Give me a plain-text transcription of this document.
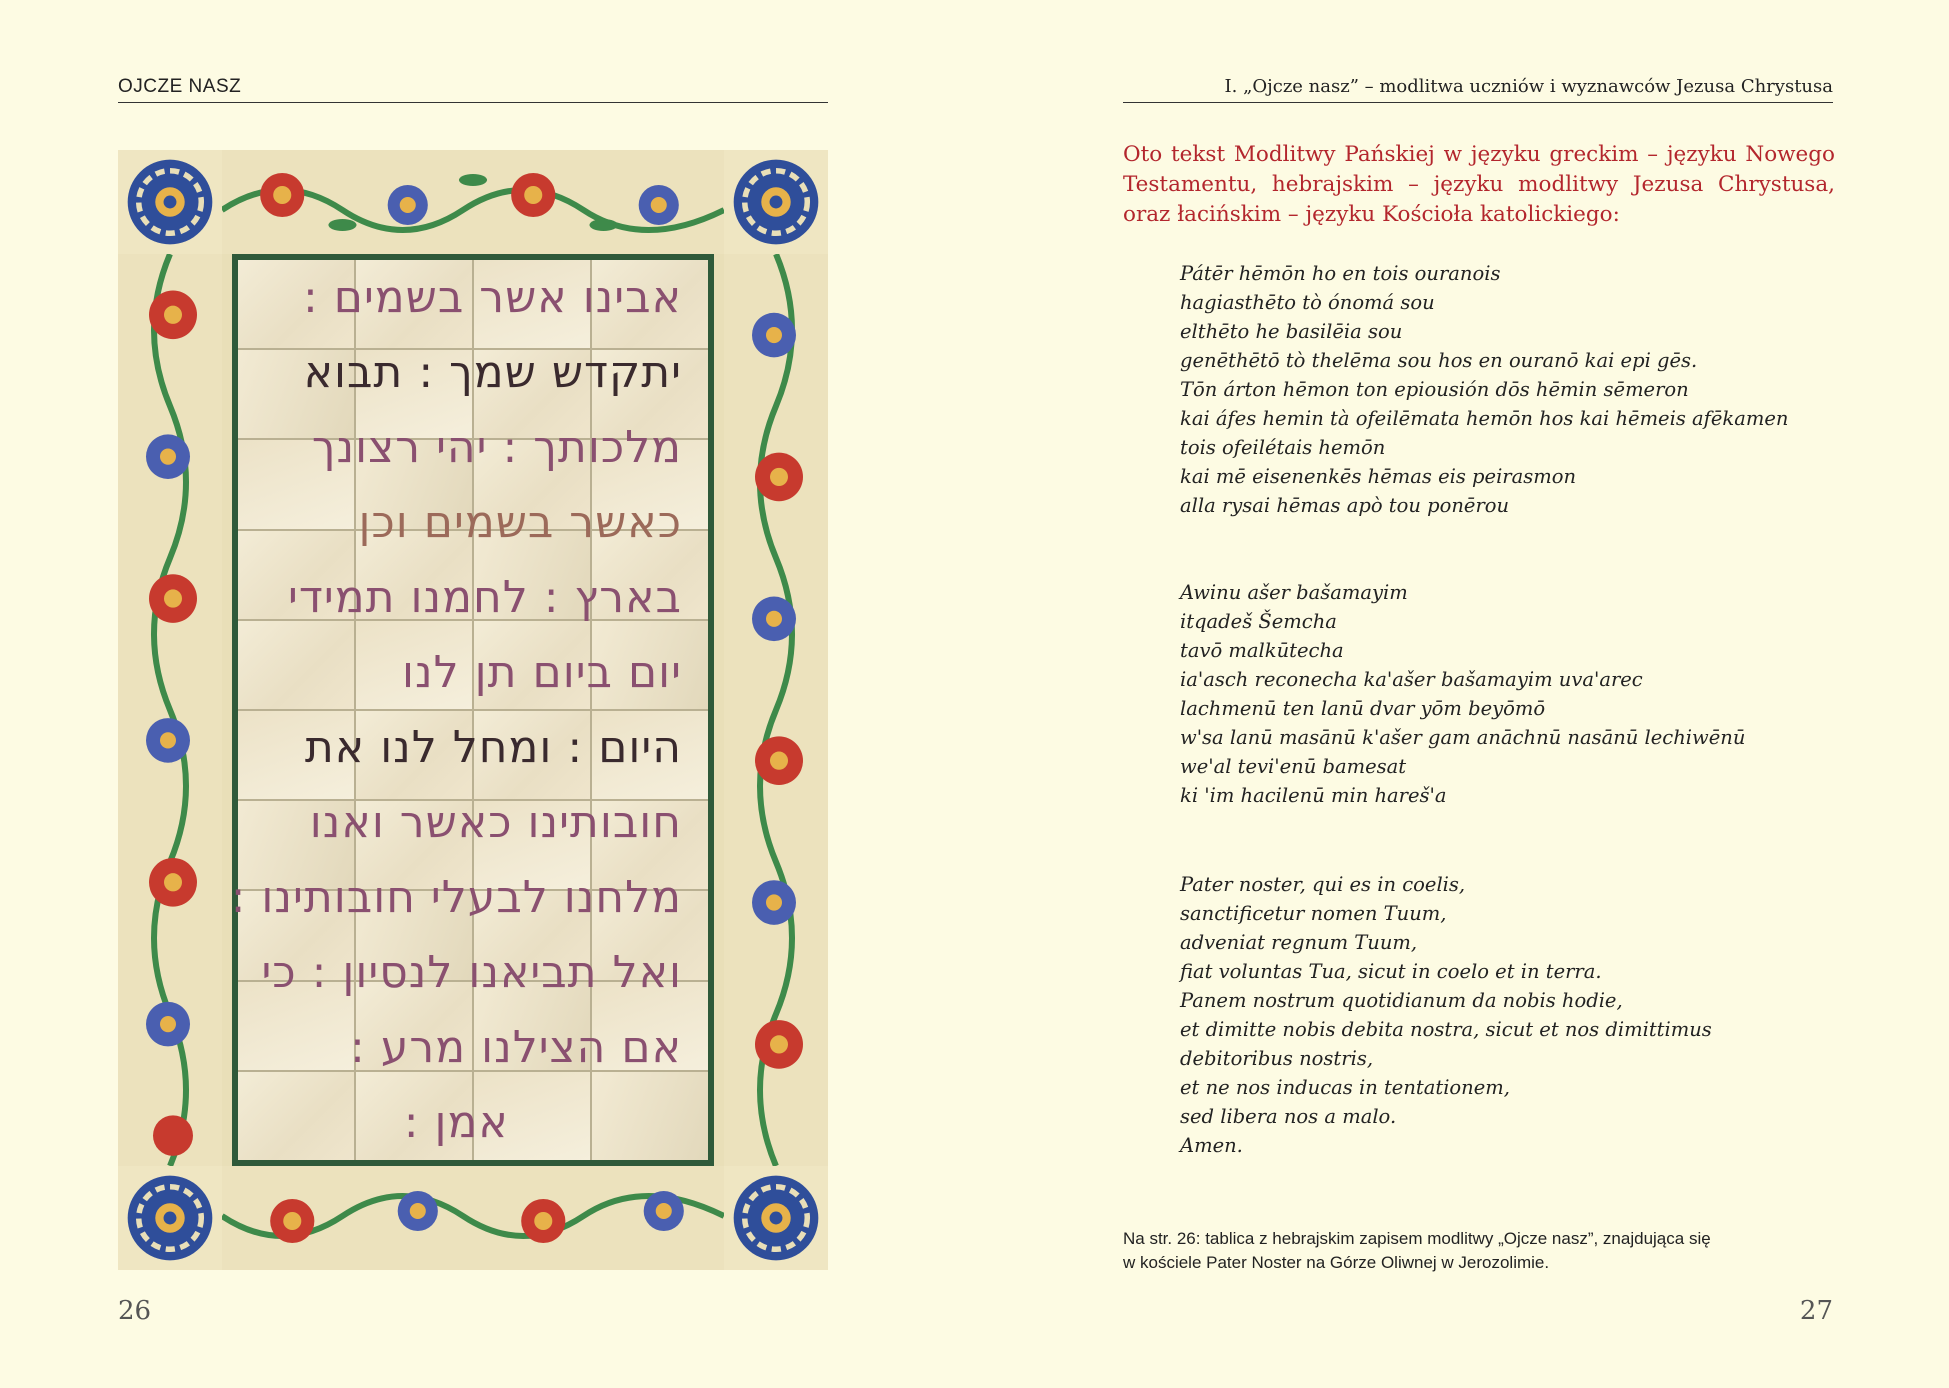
OJCZE NASZ
אבינו אשר בשמים :
יתקדש שמך : תבוא
מלכותך : יהי רצונך
כאשר בשמים וכן
בארץ : לחמנו תמידי
יום ביום תן לנו
היום : ומחל לנו את
חובותינו כאשר ואנו
מלחנו לבעלי חובותינו :
ואל תביאנו לנסיון : כי
אם הצילנו מרע :
אמן :
26
I. „Ojcze nasz” – modlitwa uczniów i wyznawców Jezusa Chrystusa
Oto tekst Modlitwy Pańskiej w języku greckim – języku Nowego Testamentu, hebrajskim – języku modlitwy Jezusa Chrystusa, oraz łacińskim – języku Kościoła katolickiego:
Pátēr hēmōn ho en tois ouranois
hagiasthēto tò ónomá sou
elthēto he basilēia sou
genēthētō tò thelēma sou hos en ouranō kai epi gēs.
Tōn árton hēmon ton epiousión dōs hēmin sēmeron
kai áfes hemin tà ofeilēmata hemōn hos kai hēmeis afēkamen
tois ofeilétais hemōn
kai mē eisenenkēs hēmas eis peirasmon
alla rysai hēmas apò tou ponērou
Awinu ašer bašamayim
itqadeš Šemcha
tavō malkūtecha
ia'asch reconecha ka'ašer bašamayim uva'arec
lachmenū ten lanū dvar yōm beyōmō
w'sa lanū masānū k'ašer gam anāchnū nasānū lechiwēnū
we'al tevi'enū bamesat
ki 'im hacilenū min hareš'a
Pater noster, qui es in coelis,
sanctificetur nomen Tuum,
adveniat regnum Tuum,
fiat voluntas Tua, sicut in coelo et in terra.
Panem nostrum quotidianum da nobis hodie,
et dimitte nobis debita nostra, sicut et nos dimittimus
debitoribus nostris,
et ne nos inducas in tentationem,
sed libera nos a malo.
Amen.
Na str. 26: tablica z hebrajskim zapisem modlitwy „Ojcze nasz”, znajdująca się
w kościele Pater Noster na Górze Oliwnej w Jerozolimie.
27
